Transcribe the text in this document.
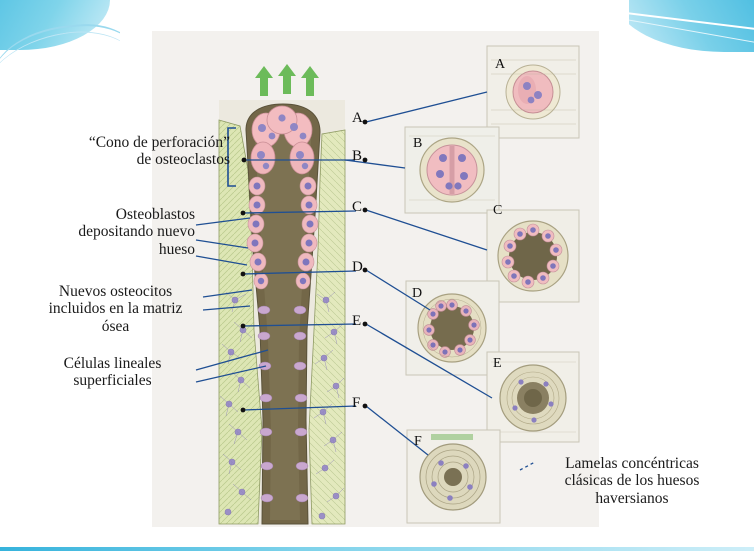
A
B
C
D
E
F
A
B
C
D
E
F
“Cono de perforación”
de osteoclastos
Osteoblastos
depositando nuevo
hueso
Nuevos osteocitos
incluidos en la matriz
ósea
Células lineales
superficiales
Lamelas concéntricas
clásicas de los huesos
haversianos
